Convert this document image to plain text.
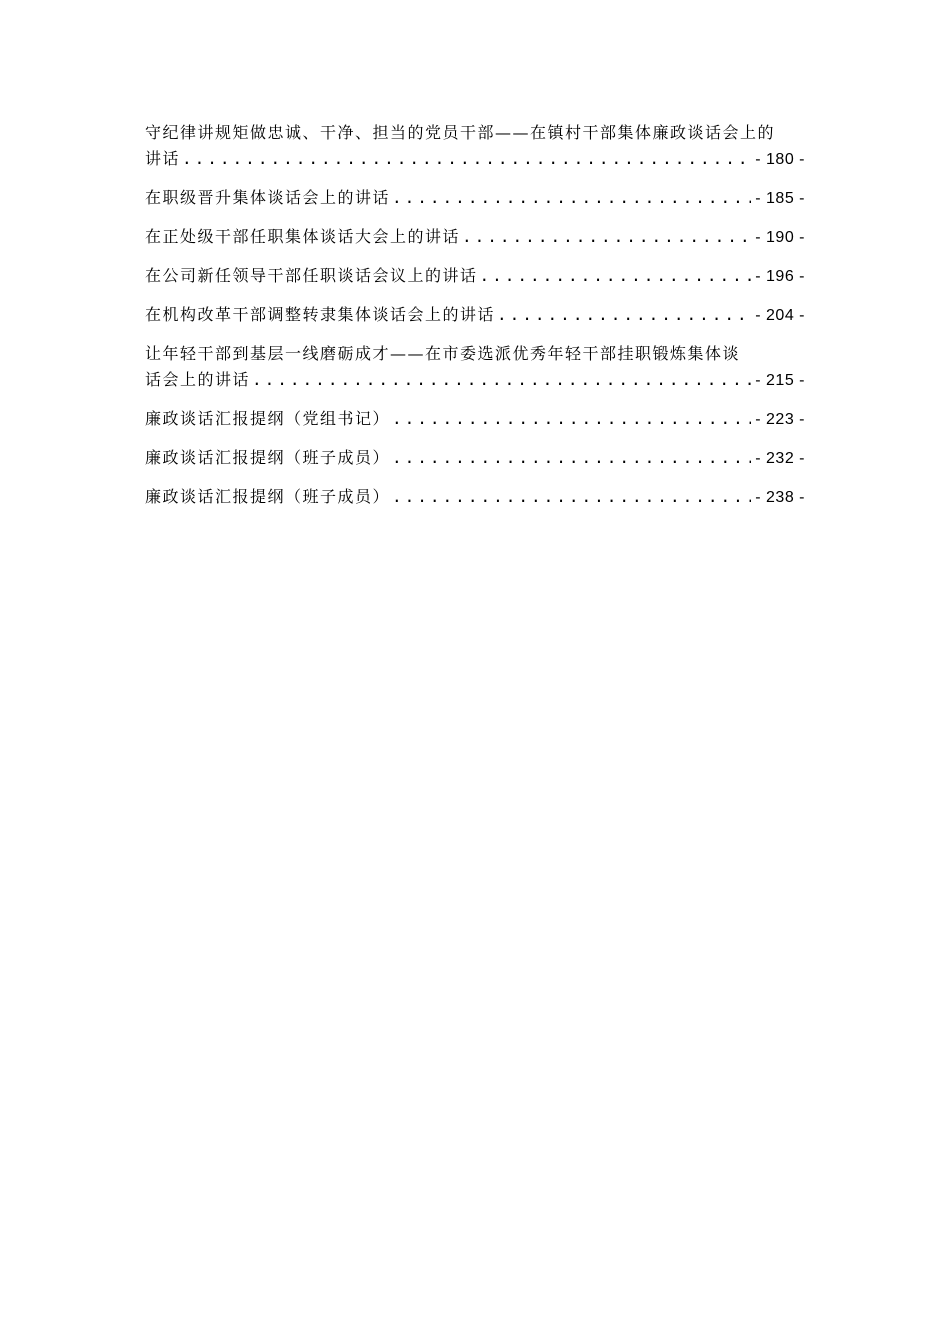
守纪律讲规矩做忠诚、干净、担当的党员干部——在镇村干部集体廉政谈话会上的
讲话 .....	- 180 -
在职级晋升集体谈话会上的讲话 .....	- 185 -
在正处级干部任职集体谈话大会上的讲话 .....	- 190 -
在公司新任领导干部任职谈话会议上的讲话 .....	- 196 -
在机构改革干部调整转隶集体谈话会上的讲话 .....	- 204 -
让年轻干部到基层一线磨砺成才——在市委选派优秀年轻干部挂职锻炼集体谈
话会上的讲话 .....	- 215 -
廉政谈话汇报提纲（党组书记） .....	- 223 -
廉政谈话汇报提纲（班子成员） .....	- 232 -
廉政谈话汇报提纲（班子成员） .....	- 238 -
